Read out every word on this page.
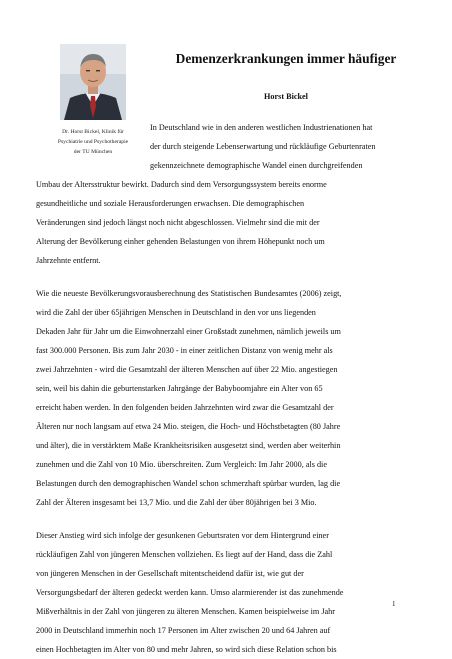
Dr. Horst Bickel, Klinik für
Psychiatrie und Psychotherapie
der TU München
Demenzerkrankungen immer häufiger
Horst Bickel
In Deutschland wie in den anderen westlichen Industrienationen hat
der durch steigende Lebenserwartung und rückläufige Geburtenraten
gekennzeichnete demographische Wandel einen durchgreifenden
Umbau der Altersstruktur bewirkt. Dadurch sind dem Versorgungssystem bereits enorme
gesundheitliche und soziale Herausforderungen erwachsen. Die demographischen
Veränderungen sind jedoch längst noch nicht abgeschlossen. Vielmehr sind die mit der
Alterung der Bevölkerung einher gehenden Belastungen von ihrem Höhepunkt noch um
Jahrzehnte entfernt.
Wie die neueste Bevölkerungsvorausberechnung des Statistischen Bundesamtes (2006) zeigt,
wird die Zahl der über 65jährigen Menschen in Deutschland in den vor uns liegenden
Dekaden Jahr für Jahr um die Einwohnerzahl einer Großstadt zunehmen, nämlich jeweils um
fast 300.000 Personen. Bis zum Jahr 2030 - in einer zeitlichen Distanz von wenig mehr als
zwei Jahrzehnten - wird die Gesamtzahl der älteren Menschen auf über 22 Mio. angestiegen
sein, weil bis dahin die geburtenstarken Jahrgänge der Babyboomjahre ein Alter von 65
erreicht haben werden. In den folgenden beiden Jahrzehnten wird zwar die Gesamtzahl der
Älteren nur noch langsam auf etwa 24 Mio. steigen, die Hoch- und Höchstbetagten (80 Jahre
und älter), die in verstärktem Maße Krankheitsrisiken ausgesetzt sind, werden aber weiterhin
zunehmen und die Zahl von 10 Mio. überschreiten. Zum Vergleich: Im Jahr 2000, als die
Belastungen durch den demographischen Wandel schon schmerzhaft spürbar wurden, lag die
Zahl der Älteren insgesamt bei 13,7 Mio. und die Zahl der über 80jährigen bei 3 Mio.
Dieser Anstieg wird sich infolge der gesunkenen Geburtsraten vor dem Hintergrund einer
rückläufigen Zahl von jüngeren Menschen vollziehen. Es liegt auf der Hand, dass die Zahl
von jüngeren Menschen in der Gesellschaft mitentscheidend dafür ist, wie gut der
Versorgungsbedarf der älteren gedeckt werden kann. Umso alarmierender ist das zunehmende
Mißverhältnis in der Zahl von jüngeren zu älteren Menschen. Kamen beispielweise im Jahr
2000 in Deutschland immerhin noch 17 Personen im Alter zwischen 20 und 64 Jahren auf
einen Hochbetagten im Alter von 80 und mehr Jahren, so wird sich diese Relation schon bis
1
